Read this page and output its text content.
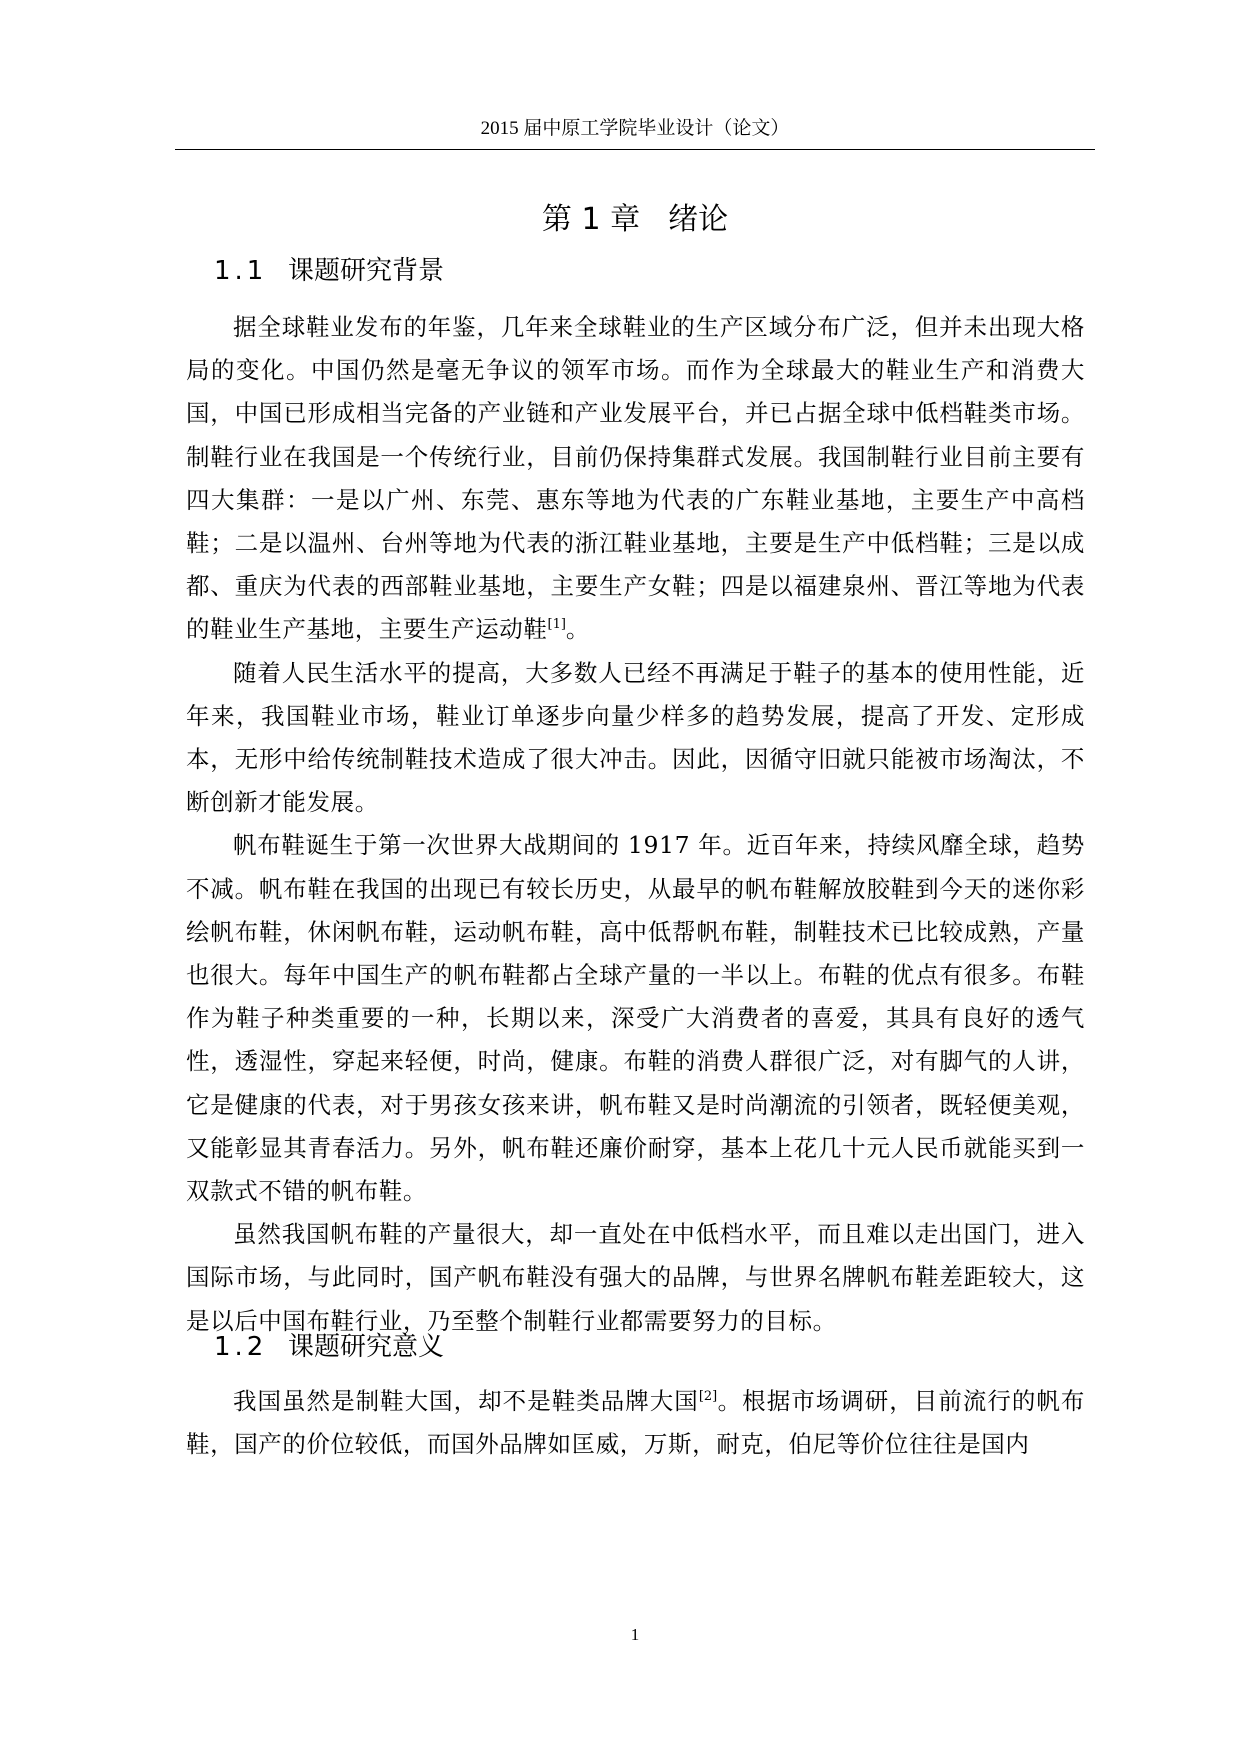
2015 届中原工学院毕业设计（论文）
第 1 章 绪论
1.1 课题研究背景

据全球鞋业发布的年鉴，几年来全球鞋业的生产区域分布广泛，但并未出现大格局的变化。中国仍然是毫无争议的领军市场。而作为全球最大的鞋业生产和消费大国，中国已形成相当完备的产业链和产业发展平台，并已占据全球中低档鞋类市场。制鞋行业在我国是一个传统行业，目前仍保持集群式发展。我国制鞋行业目前主要有四大集群：一是以广州、东莞、惠东等地为代表的广东鞋业基地，主要生产中高档鞋；二是以温州、台州等地为代表的浙江鞋业基地，主要是生产中低档鞋；三是以成都、重庆为代表的西部鞋业基地，主要生产女鞋；四是以福建泉州、晋江等地为代表的鞋业生产基地，主要生产运动鞋[1]。

随着人民生活水平的提高，大多数人已经不再满足于鞋子的基本的使用性能，近年来，我国鞋业市场，鞋业订单逐步向量少样多的趋势发展，提高了开发、定形成本，无形中给传统制鞋技术造成了很大冲击。因此，因循守旧就只能被市场淘汰，不断创新才能发展。

帆布鞋诞生于第一次世界大战期间的 1917 年。近百年来，持续风靡全球，趋势不减。帆布鞋在我国的出现已有较长历史，从最早的帆布鞋解放胶鞋到今天的迷你彩绘帆布鞋，休闲帆布鞋，运动帆布鞋，高中低帮帆布鞋，制鞋技术已比较成熟，产量也很大。每年中国生产的帆布鞋都占全球产量的一半以上。布鞋的优点有很多。布鞋作为鞋子种类重要的一种，长期以来，深受广大消费者的喜爱，其具有良好的透气性，透湿性，穿起来轻便，时尚，健康。布鞋的消费人群很广泛，对有脚气的人讲，它是健康的代表，对于男孩女孩来讲，帆布鞋又是时尚潮流的引领者，既轻便美观，又能彰显其青春活力。另外，帆布鞋还廉价耐穿，基本上花几十元人民币就能买到一双款式不错的帆布鞋。

虽然我国帆布鞋的产量很大，却一直处在中低档水平，而且难以走出国门，进入国际市场，与此同时，国产帆布鞋没有强大的品牌，与世界名牌帆布鞋差距较大，这是以后中国布鞋行业，乃至整个制鞋行业都需要努力的目标。

1.2 课题研究意义

我国虽然是制鞋大国，却不是鞋类品牌大国[2]。根据市场调研，目前流行的帆布鞋，国产的价位较低，而国外品牌如匡威，万斯，耐克，伯尼等价位往往是国内

1
